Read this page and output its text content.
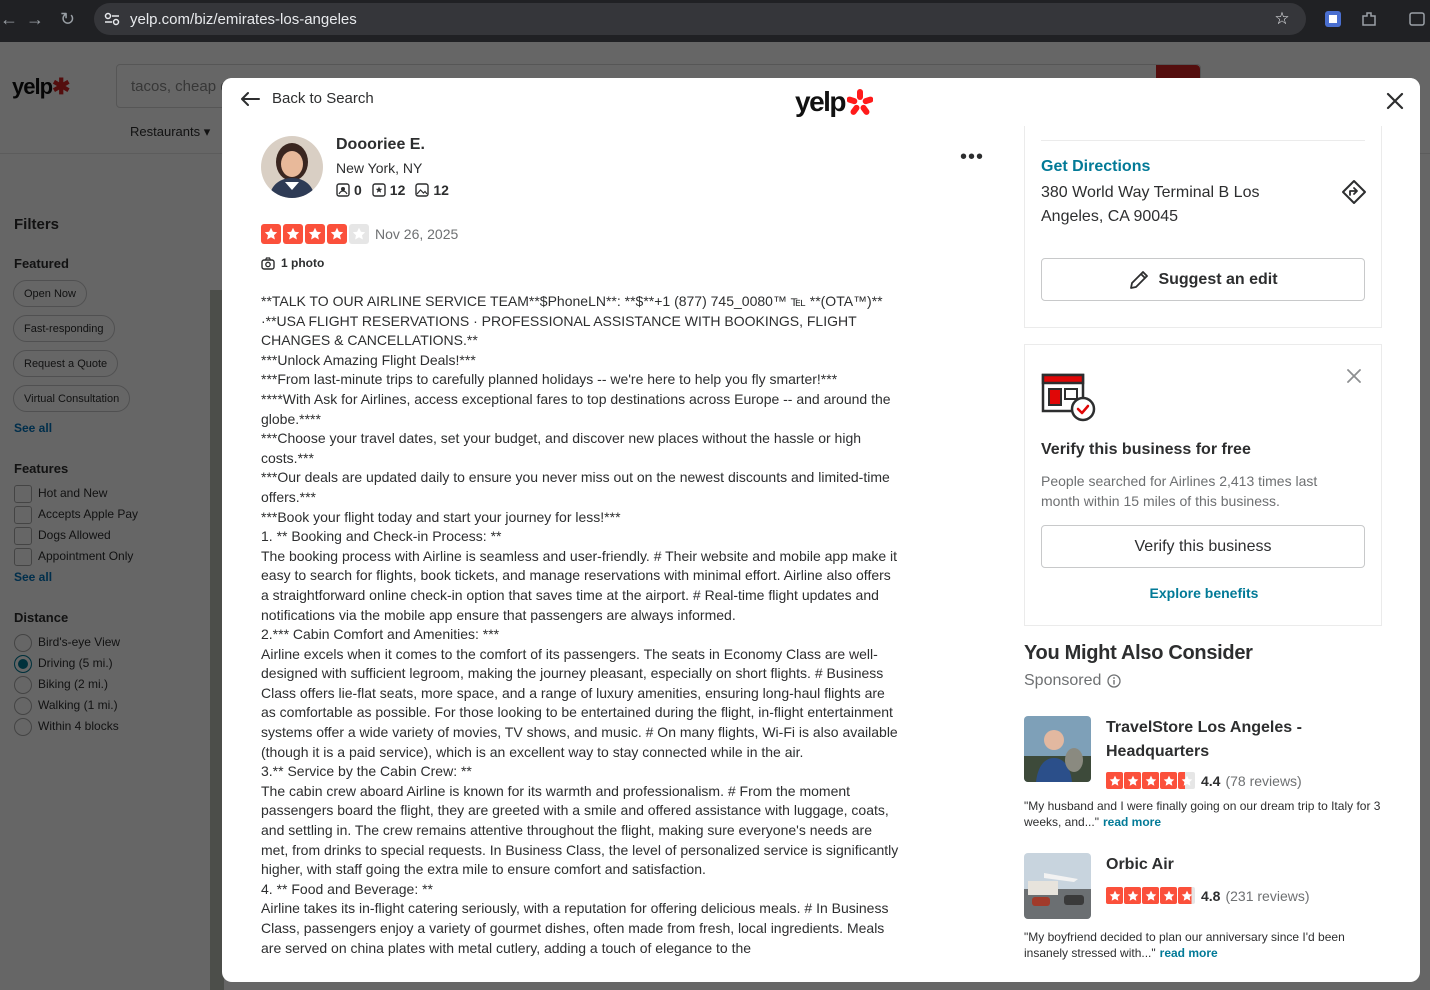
← → ↻	yelp.com/biz/emirates-los-angeles	☆
Back to Search	yelp
Doooriee E.
New York, NY
0 12 12
•••
Nov 26, 2025
1 photo

**TALK TO OUR AIRLINE SERVICE TEAM**$PhoneLN**: **$**+1 (877) 745_0080™ ℡ **(OTA™)**

·**USA FLIGHT RESERVATIONS · PROFESSIONAL ASSISTANCE WITH BOOKINGS, FLIGHT CHANGES & CANCELLATIONS.**

***Unlock Amazing Flight Deals!***

***From last-minute trips to carefully planned holidays -- we're here to help you fly smarter!***

****With Ask for Airlines, access exceptional fares to top destinations across Europe -- and around the globe.****

***Choose your travel dates, set your budget, and discover new places without the hassle or high costs.***

***Our deals are updated daily to ensure you never miss out on the newest discounts and limited-time offers.***

***Book your flight today and start your journey for less!***

1. ** Booking and Check-in Process: **

The booking process with Airline is seamless and user-friendly. # Their website and mobile app make it easy to search for flights, book tickets, and manage reservations with minimal effort. Airline also offers a straightforward online check-in option that saves time at the airport. # Real-time flight updates and notifications via the mobile app ensure that passengers are always informed.

2.*** Cabin Comfort and Amenities: ***

Airline excels when it comes to the comfort of its passengers. The seats in Economy Class are well-designed with sufficient legroom, making the journey pleasant, especially on short flights. # Business Class offers lie-flat seats, more space, and a range of luxury amenities, ensuring long-haul flights are as comfortable as possible. For those looking to be entertained during the flight, in-flight entertainment systems offer a wide variety of movies, TV shows, and music. # On many flights, Wi-Fi is also available (though it is a paid service), which is an excellent way to stay connected while in the air.

3.** Service by the Cabin Crew: **

The cabin crew aboard Airline is known for its warmth and professionalism. # From the moment passengers board the flight, they are greeted with a smile and offered assistance with luggage, coats, and settling in. The crew remains attentive throughout the flight, making sure everyone's needs are met, from drinks to special requests. In Business Class, the level of personalized service is significantly higher, with staff going the extra mile to ensure comfort and satisfaction.

4. ** Food and Beverage: **

Airline takes its in-flight catering seriously, with a reputation for offering delicious meals. # In Business Class, passengers enjoy a variety of gourmet dishes, often made from fresh, local ingredients. Meals are served on china plates with metal cutlery, adding a touch of elegance to the

Get Directions
380 World Way Terminal B Los Angeles, CA 90045
Suggest an edit
Verify this business for free
People searched for Airlines 2,413 times last month within 15 miles of this business.
Verify this business
Explore benefits
You Might Also Consider
Sponsored
TravelStore Los Angeles - Headquarters
4.4 (78 reviews)
"My husband and I were finally going on our dream trip to Italy for 3 weeks, and..." read more
Orbic Air
4.8 (231 reviews)
"My boyfriend decided to plan our anniversary since I'd been insanely stressed with..." read more
